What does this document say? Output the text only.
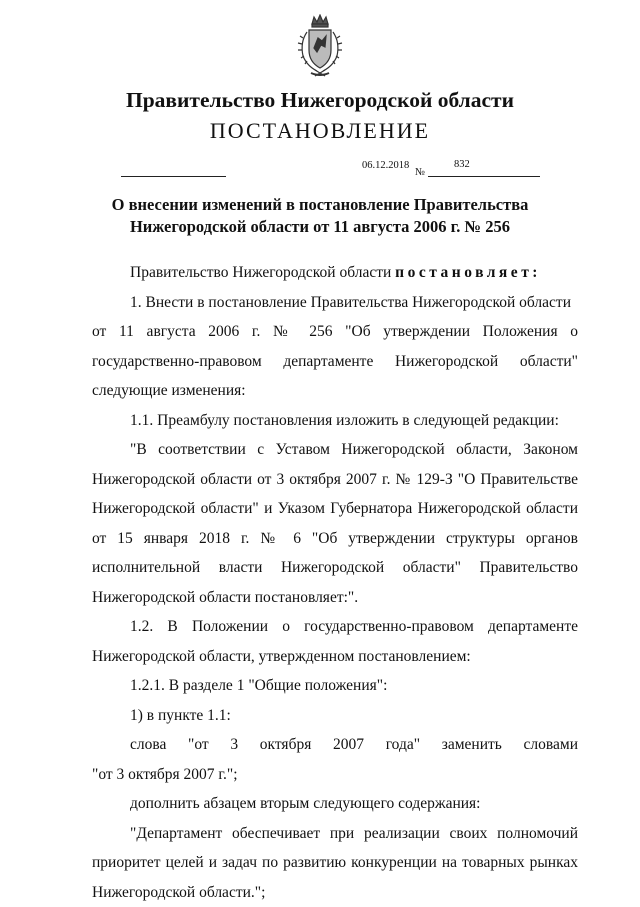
Правительство Нижегородской области
ПОСТАНОВЛЕНИЕ
06.12.2018
№
832
О внесении изменений в постановление Правительства
Нижегородской области от 11 августа 2006 г. № 256
Правительство Нижегородской области постановляет:
1. Внести в постановление Правительства Нижегородской области
от 11 августа 2006 г. № 256 "Об утверждении Положения о
государственно-правовом департаменте Нижегородской области"
следующие изменения:
1.1. Преамбулу постановления изложить в следующей редакции:
"В соответствии с Уставом Нижегородской области, Законом
Нижегородской области от 3 октября 2007 г. № 129-З "О Правительстве
Нижегородской области" и Указом Губернатора Нижегородской области
от 15 января 2018 г. № 6 "Об утверждении структуры органов
исполнительной власти Нижегородской области" Правительство
Нижегородской области постановляет:".
1.2. В Положении о государственно-правовом департаменте
Нижегородской области, утвержденном постановлением:
1.2.1. В разделе 1 "Общие положения":
1) в пункте 1.1:
слова "от 3 октября 2007 года" заменить словами
"от 3 октября 2007 г.";
дополнить абзацем вторым следующего содержания:
"Департамент обеспечивает при реализации своих полномочий
приоритет целей и задач по развитию конкуренции на товарных рынках
Нижегородской области.";
